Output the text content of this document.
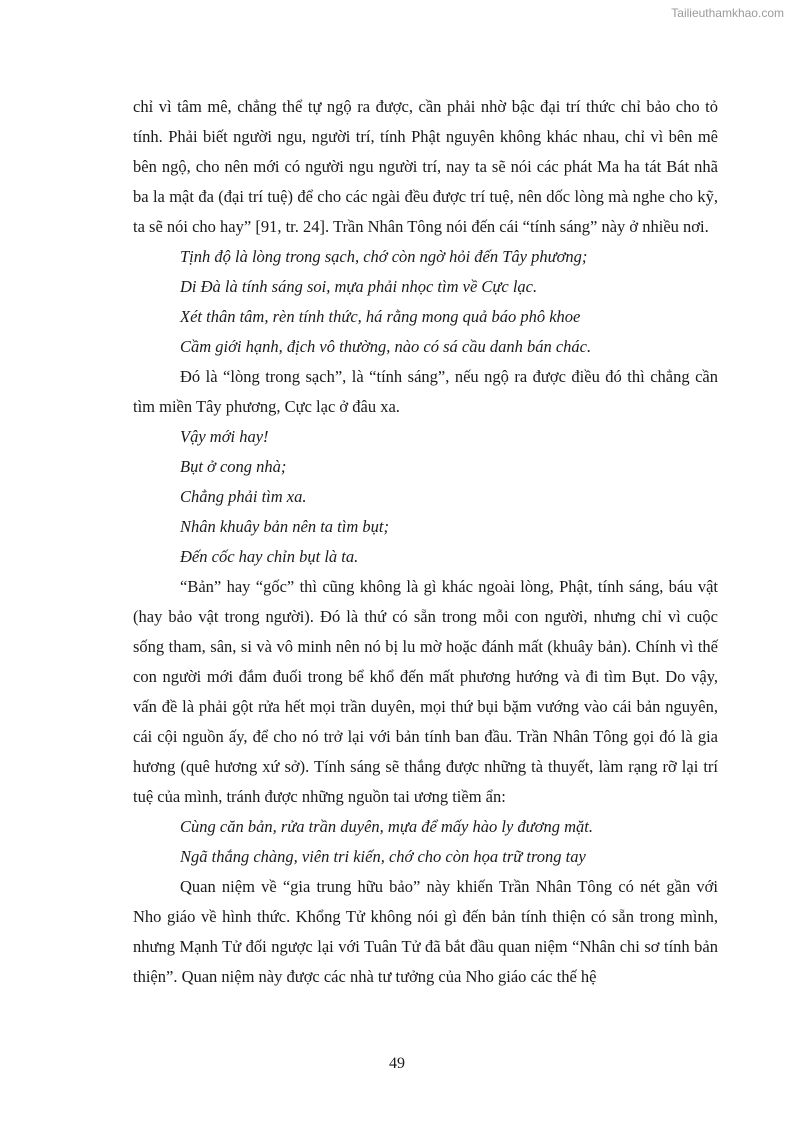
Tailieuthamkhao.com

chỉ vì tâm mê, chẳng thể tự ngộ ra được, cần phải nhờ bậc đại trí thức chỉ bảo cho tỏ tính. Phải biết người ngu, người trí, tính Phật nguyên không khác nhau, chỉ vì bên mê bên ngộ, cho nên mới có người ngu người trí, nay ta sẽ nói các phát Ma ha tát Bát nhã ba la mật đa (đại trí tuệ) để cho các ngài đều được trí tuệ, nên dốc lòng mà nghe cho kỹ, ta sẽ nói cho hay” [91, tr. 24]. Trần Nhân Tông nói đến cái “tính sáng” này ở nhiều nơi.

Tịnh độ là lòng trong sạch, chớ còn ngờ hỏi đến Tây phương;

Di Đà là tính sáng soi, mựa phải nhọc tìm về Cực lạc.

Xét thân tâm, rèn tính thức, há rằng mong quả báo phô khoe

Cầm giới hạnh, địch vô thường, nào có sá cầu danh bán chác.

Đó là “lòng trong sạch”, là “tính sáng”, nếu ngộ ra được điều đó thì chẳng cần tìm miền Tây phương, Cực lạc ở đâu xa.

Vậy mới hay!

Bụt ở cong nhà;

Chẳng phải tìm xa.

Nhân khuây bản nên ta tìm bụt;

Đến cốc hay chỉn bụt là ta.

“Bản” hay “gốc” thì cũng không là gì khác ngoài lòng, Phật, tính sáng, báu vật (hay bảo vật trong người). Đó là thứ có sẵn trong mỗi con người, nhưng chỉ vì cuộc sống tham, sân, si và vô minh nên nó bị lu mờ hoặc đánh mất (khuây bản). Chính vì thế con người mới đắm đuối trong bể khổ đến mất phương hướng và đi tìm Bụt. Do vậy, vấn đề là phải gột rửa hết mọi trần duyên, mọi thứ bụi bặm vướng vào cái bản nguyên, cái cội nguồn ấy, để cho nó trở lại với bản tính ban đầu. Trần Nhân Tông gọi đó là gia hương (quê hương xứ sở). Tính sáng sẽ thắng được những tà thuyết, làm rạng rỡ lại trí tuệ của mình, tránh được những nguồn tai ương tiềm ẩn:

Cùng căn bản, rửa trần duyên, mựa để mấy hào ly đương mặt.

Ngã thắng chàng, viên tri kiến, chớ cho còn họa trữ trong tay

Quan niệm về “gia trung hữu bảo” này khiến Trần Nhân Tông có nét gần với Nho giáo về hình thức. Khổng Tử không nói gì đến bản tính thiện có sẵn trong mình, nhưng Mạnh Tử đối ngược lại với Tuân Tử đã bắt đầu quan niệm “Nhân chi sơ tính bản thiện”. Quan niệm này được các nhà tư tưởng của Nho giáo các thế hệ

49
